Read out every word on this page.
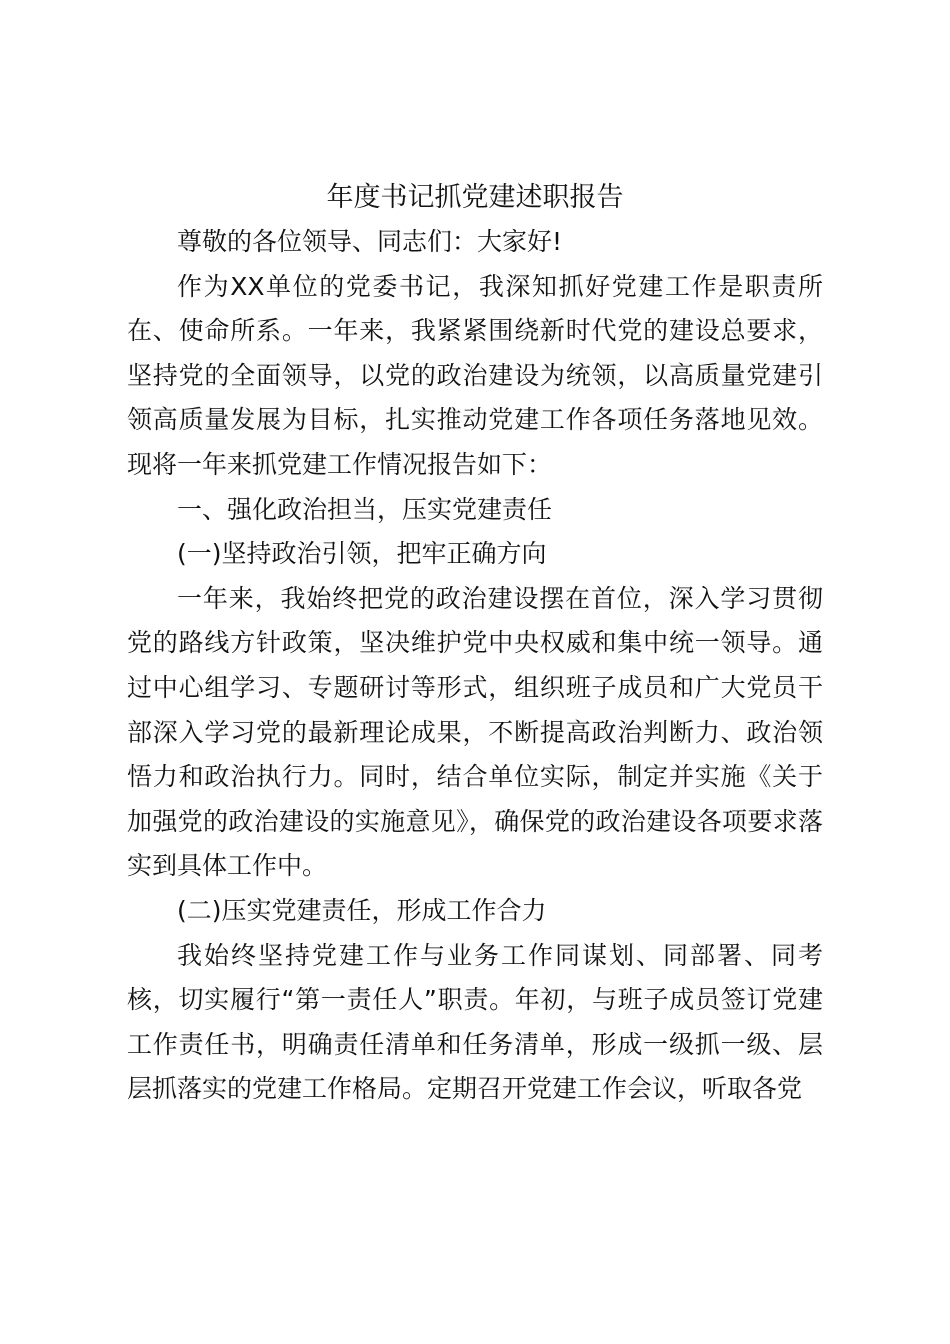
年度书记抓党建述职报告

尊敬的各位领导、同志们：大家好!

作为XX单位的党委书记，我深知抓好党建工作是职责所在、使命所系。一年来，我紧紧围绕新时代党的建设总要求，坚持党的全面领导，以党的政治建设为统领，以高质量党建引领高质量发展为目标，扎实推动党建工作各项任务落地见效。现将一年来抓党建工作情况报告如下：

一、强化政治担当，压实党建责任

(一)坚持政治引领，把牢正确方向

一年来，我始终把党的政治建设摆在首位，深入学习贯彻党的路线方针政策，坚决维护党中央权威和集中统一领导。通过中心组学习、专题研讨等形式，组织班子成员和广大党员干部深入学习党的最新理论成果，不断提高政治判断力、政治领悟力和政治执行力。同时，结合单位实际，制定并实施《关于加强党的政治建设的实施意见》，确保党的政治建设各项要求落实到具体工作中。

(二)压实党建责任，形成工作合力

我始终坚持党建工作与业务工作同谋划、同部署、同考核，切实履行“第一责任人”职责。年初，与班子成员签订党建工作责任书，明确责任清单和任务清单，形成一级抓一级、层层抓落实的党建工作格局。定期召开党建工作会议，听取各党
